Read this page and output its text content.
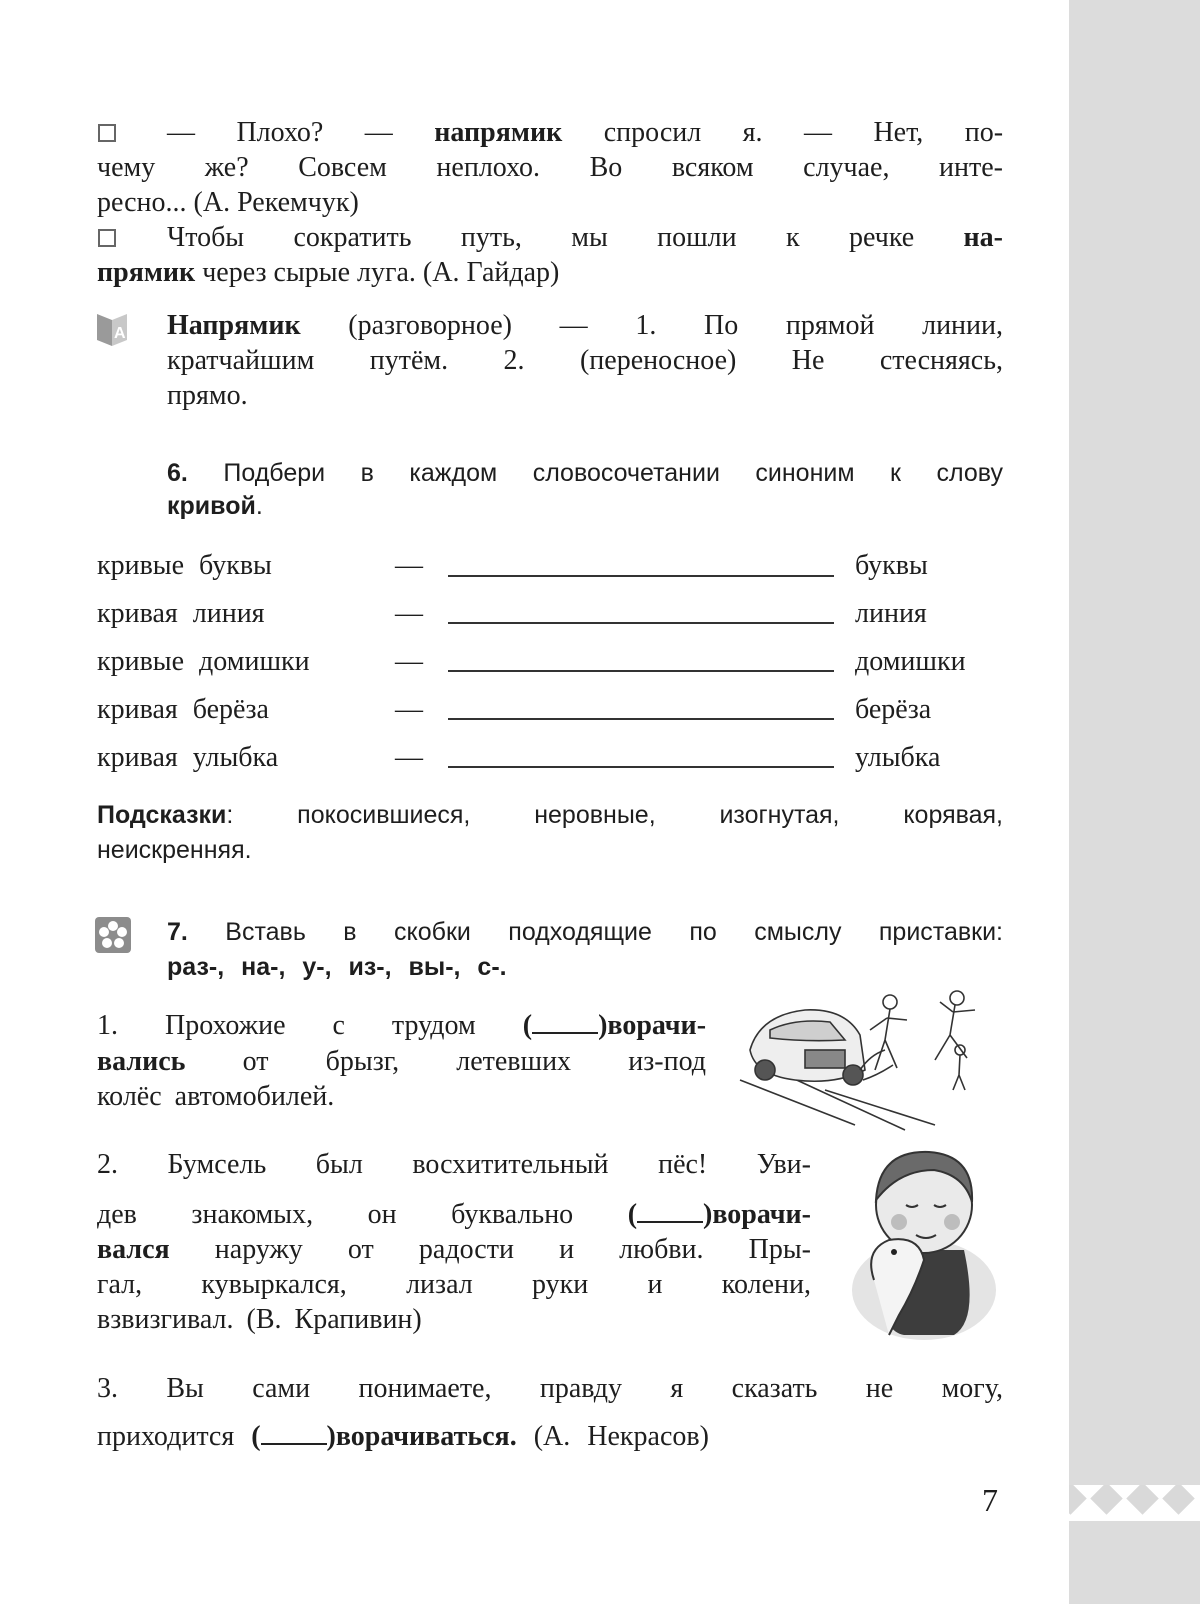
— Плохо? — напрямик спросил я. — Нет, по-
чему же? Совсем неплохо. Во всяком случае, инте-
ресно... (А. Рекемчук)
Чтобы сократить путь, мы пошли к речке на-
прямик через сырые луга. (А. Гайдар)
A Напрямик (разговорное) — 1. По прямой линии,
кратчайшим путём. 2. (переносное) Не стесняясь,
прямо.
6. Подбери в каждом словосочетании синоним к слову
кривой.
кривые буквы	—	буквы
кривая линия	—	линия
кривые домишки	—	домишки
кривая берёза	—	берёза
кривая улыбка	—	улыбка
Подсказки: покосившиеся, неровные, изогнутая, корявая,
неискренняя.
7. Вставь в скобки подходящие по смыслу приставки:
раз-, на-, у-, из-, вы-, с-.
1. Прохожие с трудом ( )ворачи-
вались от брызг, летевших из-под
колёс автомобилей.
2. Бумсель был восхитительный пёс! Уви-
дев знакомых, он буквально ( )ворачи-
вался наружу от радости и любви. Пры-
гал, кувыркался, лизал руки и колени,
взвизгивал. (В. Крапивин)
3. Вы сами понимаете, правду я сказать не могу,
приходится ( )ворачиваться. (А. Некрасов)
7
